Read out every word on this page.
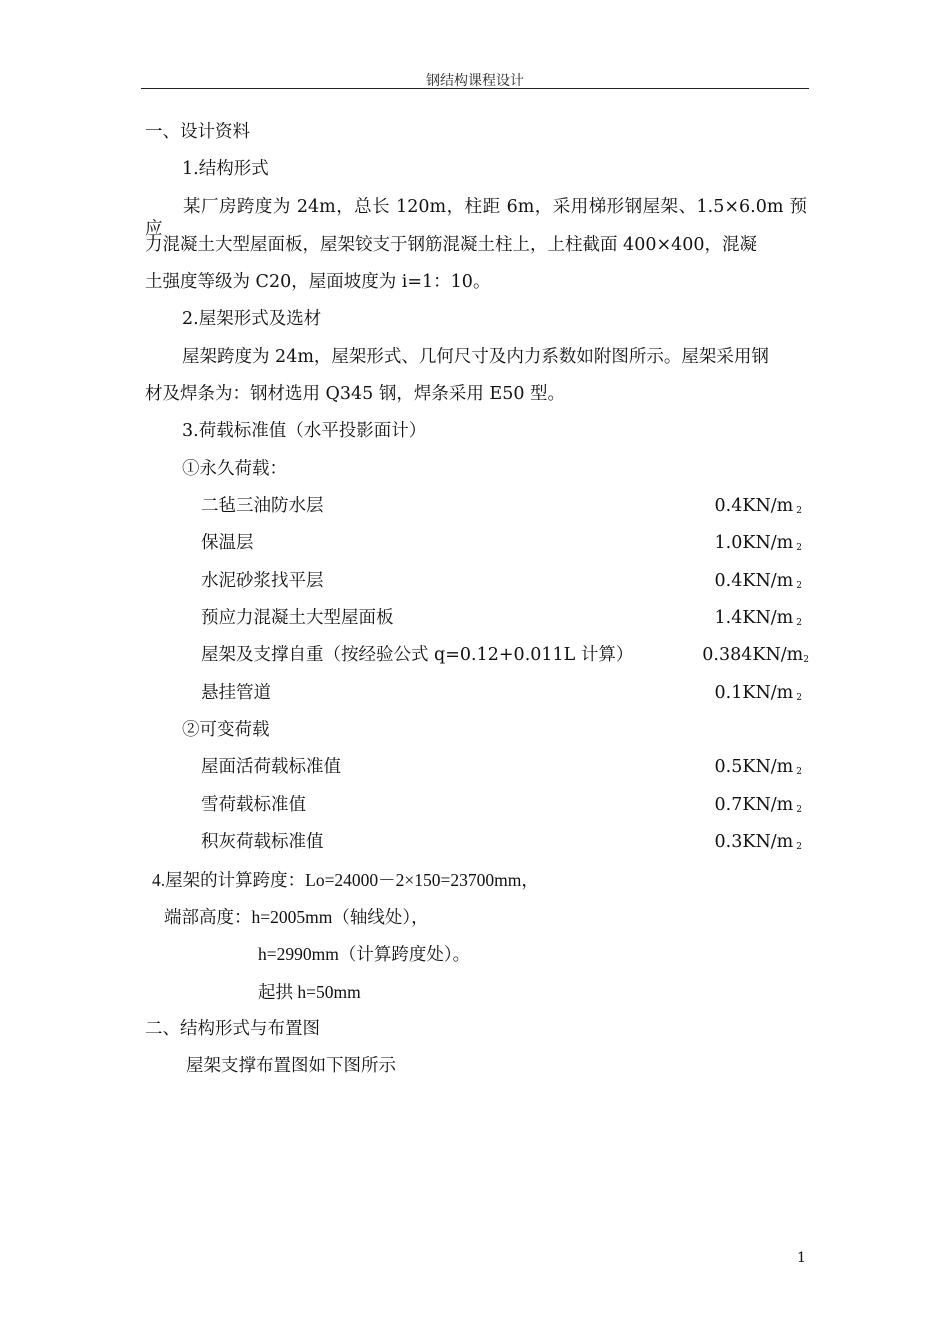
钢结构课程设计
一、设计资料
1.结构形式
某厂房跨度为 24m，总长 120m，柱距 6m，采用梯形钢屋架、1.5×6.0m 预应
力混凝土大型屋面板，屋架铰支于钢筋混凝土柱上，上柱截面 400×400，混凝
土强度等级为 C20，屋面坡度为 i=1：10。
2.屋架形式及选材
屋架跨度为 24m，屋架形式、几何尺寸及内力系数如附图所示。屋架采用钢
材及焊条为：钢材选用 Q345 钢，焊条采用 E50 型。
3.荷载标准值（水平投影面计）
①永久荷载：
二毡三油防水层	0.4KN/m $_2$
保温层	1.0KN/m $_2$
水泥砂浆找平层	0.4KN/m $_2$
预应力混凝土大型屋面板	1.4KN/m $_2$
屋架及支撑自重（按经验公式 q=0.12+0.011L 计算）	$0.384KN/m_2$
悬挂管道	0.1KN/m $_2$
②可变荷载
屋面活荷载标准值	0.5KN/m $_2$
雪荷载标准值	0.7KN/m $_2$
积灰荷载标准值	0.3KN/m $_2$
4.屋架的计算跨度：Lo=24000－2×150=23700mm，
端部高度：h=2005mm（轴线处），
h=2990mm（计算跨度处）。
起拱 h=50mm
二、结构形式与布置图
屋架支撑布置图如下图所示
1
